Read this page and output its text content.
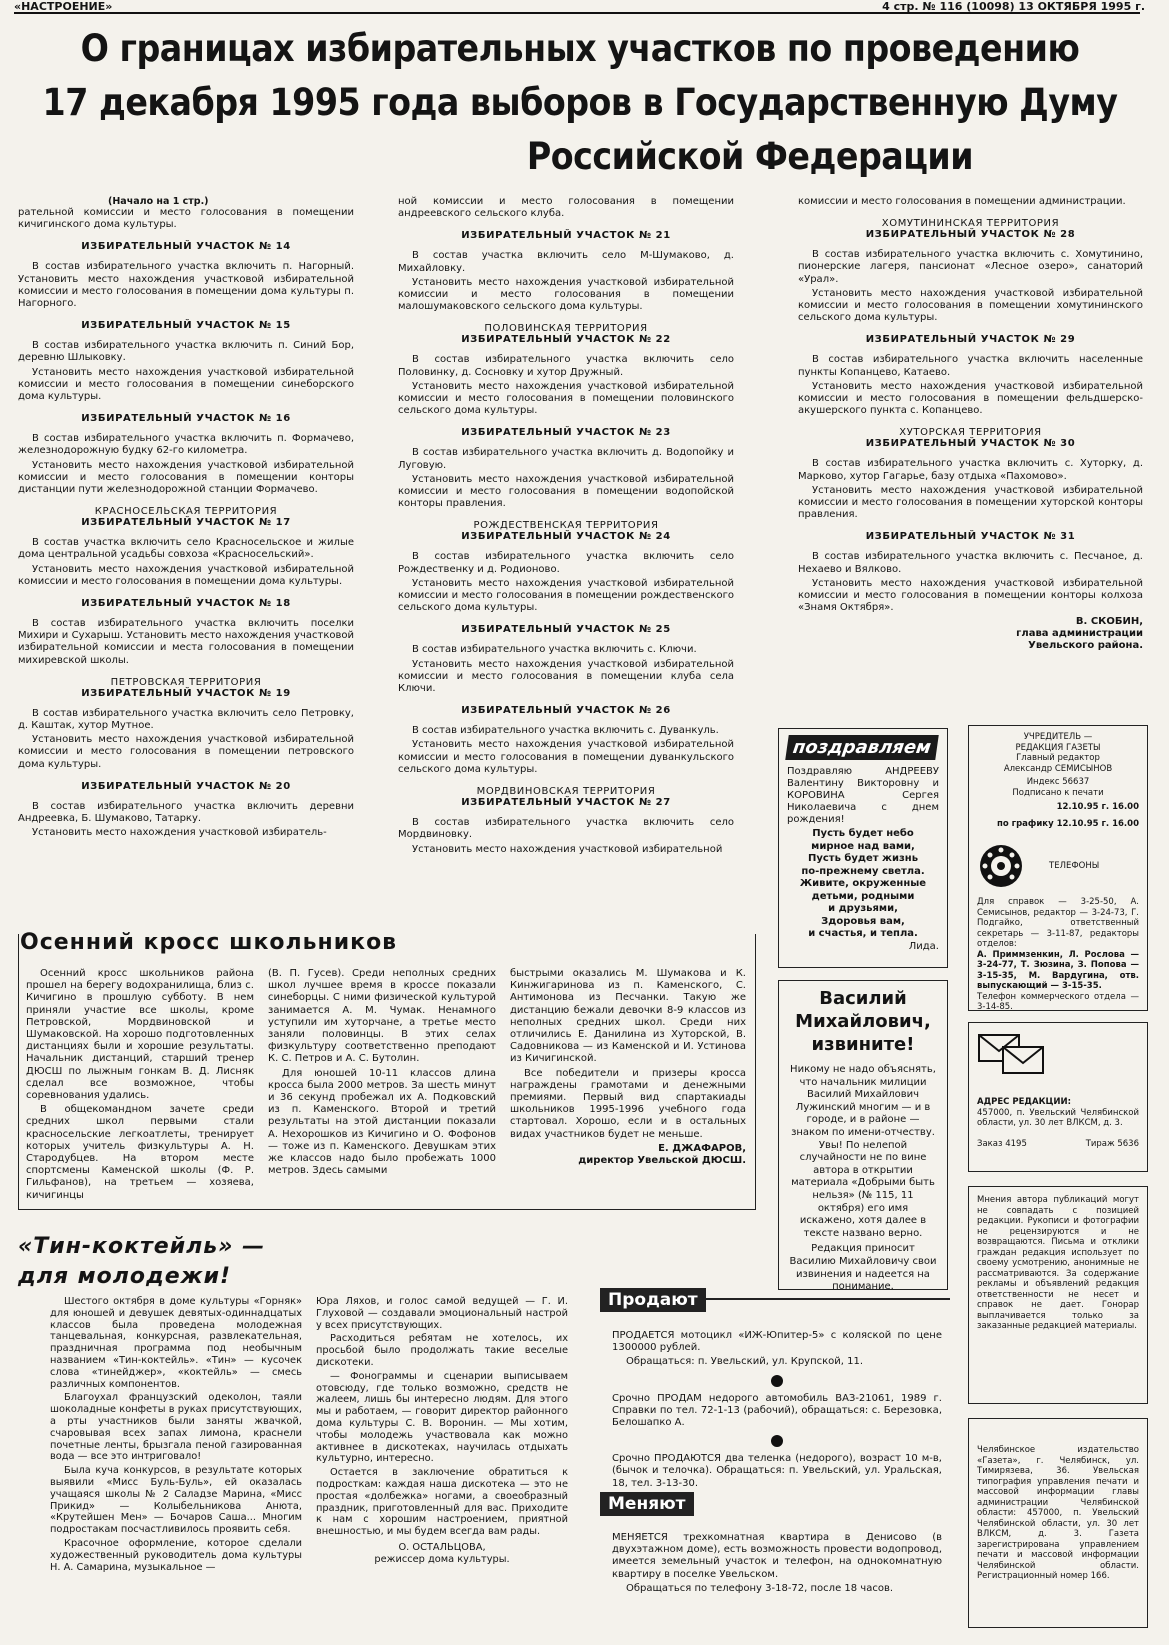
«НАСТРОЕНИЕ»	4 стр. № 116 (10098) 13 ОКТЯБРЯ 1995 г.
О границах избирательных участков по проведению
17 декабря 1995 года выборов в Государственную Думу
Российской Федерации
(Начало на 1 стр.)

рательной комиссии и место голосования в помещении кичигинского дома культуры.

ИЗБИРАТЕЛЬНЫЙ УЧАСТОК № 14

В состав избирательного участка включить п. Нагорный. Установить место нахождения участковой избирательной комиссии и место голосования в помещении дома культуры п. Нагорного.

ИЗБИРАТЕЛЬНЫЙ УЧАСТОК № 15

В состав избирательного участка включить п. Синий Бор, деревню Шлыковку.

Установить место нахождения участковой избирательной комиссии и место голосования в помещении синеборского дома культуры.

ИЗБИРАТЕЛЬНЫЙ УЧАСТОК № 16

В состав избирательного участка включить п. Формачево, железнодорожную будку 62-го километра.

Установить место нахождения участковой избирательной комиссии и место голосования в помещении конторы дистанции пути железнодорожной станции Формачево.

КРАСНОСЕЛЬСКАЯ ТЕРРИТОРИЯ
ИЗБИРАТЕЛЬНЫЙ УЧАСТОК № 17

В состав участка включить село Красносельское и жилые дома центральной усадьбы совхоза «Красносельский».

Установить место нахождения участковой избирательной комиссии и место голосования в помещении дома культуры.

ИЗБИРАТЕЛЬНЫЙ УЧАСТОК № 18

В состав избирательного участка включить поселки Михири и Сухарыш. Установить место нахождения участковой избирательной комиссии и места голосования в помещении михиревской школы.

ПЕТРОВСКАЯ ТЕРРИТОРИЯ
ИЗБИРАТЕЛЬНЫЙ УЧАСТОК № 19

В состав избирательного участка включить село Петровку, д. Каштак, хутор Мутное.

Установить место нахождения участковой избирательной комиссии и место голосования в помещении петровского дома культуры.

ИЗБИРАТЕЛЬНЫЙ УЧАСТОК № 20

В состав избирательного участка включить деревни Андреевка, Б. Шумаково, Татарку.

Установить место нахождения участковой избиратель-

ной комиссии и место голосования в помещении андреевского сельского клуба.

ИЗБИРАТЕЛЬНЫЙ УЧАСТОК № 21

В состав участка включить село М-Шумаково, д. Михайловку.

Установить место нахождения участковой избирательной комиссии и место голосования в помещении малошумаковского сельского дома культуры.

ПОЛОВИНСКАЯ ТЕРРИТОРИЯ
ИЗБИРАТЕЛЬНЫЙ УЧАСТОК № 22

В состав избирательного участка включить село Половинку, д. Сосновку и хутор Дружный.

Установить место нахождения участковой избирательной комиссии и место голосования в помещении половинского сельского дома культуры.

ИЗБИРАТЕЛЬНЫЙ УЧАСТОК № 23

В состав избирательного участка включить д. Водопойку и Луговую.

Установить место нахождения участковой избирательной комиссии и место голосования в помещении водопойской конторы правления.

РОЖДЕСТВЕНСКАЯ ТЕРРИТОРИЯ
ИЗБИРАТЕЛЬНЫЙ УЧАСТОК № 24

В состав избирательного участка включить село Рождественку и д. Родионово.

Установить место нахождения участковой избирательной комиссии и место голосования в помещении рождественского сельского дома культуры.

ИЗБИРАТЕЛЬНЫЙ УЧАСТОК № 25

В состав избирательного участка включить с. Ключи.

Установить место нахождения участковой избирательной комиссии и место голосования в помещении клуба села Ключи.

ИЗБИРАТЕЛЬНЫЙ УЧАСТОК № 26

В состав избирательного участка включить с. Дуванкуль.

Установить место нахождения участковой избирательной комиссии и место голосования в помещении дуванкульского сельского дома культуры.

МОРДВИНОВСКАЯ ТЕРРИТОРИЯ
ИЗБИРАТЕЛЬНЫЙ УЧАСТОК № 27

В состав избирательного участка включить село Мордвиновку.

Установить место нахождения участковой избирательной

комиссии и место голосования в помещении администрации.

ХОМУТИНИНСКАЯ ТЕРРИТОРИЯ
ИЗБИРАТЕЛЬНЫЙ УЧАСТОК № 28

В состав избирательного участка включить с. Хомутинино, пионерские лагеря, пансионат «Лесное озеро», санаторий «Урал».

Установить место нахождения участковой избирательной комиссии и место голосования в помещении хомутининского сельского дома культуры.

ИЗБИРАТЕЛЬНЫЙ УЧАСТОК № 29

В состав избирательного участка включить населенные пункты Копанцево, Катаево.

Установить место нахождения участковой избирательной комиссии и место голосования в помещении фельдшерско-акушерского пункта с. Копанцево.

ХУТОРСКАЯ ТЕРРИТОРИЯ
ИЗБИРАТЕЛЬНЫЙ УЧАСТОК № 30

В состав избирательного участка включить с. Хуторку, д. Марково, хутор Гагарье, базу отдыха «Пахомово».

Установить место нахождения участковой избирательной комиссии и место голосования в помещении хуторской конторы правления.

ИЗБИРАТЕЛЬНЫЙ УЧАСТОК № 31

В состав избирательного участка включить с. Песчаное, д. Нехаево и Вялково.

Установить место нахождения участковой избирательной комиссии и место голосования в помещении конторы колхоза «Знамя Октября».

В. СКОБИН,
глава администрации
Увельского района.
поздравляем
Поздравляю АНДРЕЕВУ Валентину Викторовну и КОРОВИНА Сергея Николаевича с днем рождения!
Пусть будет небо
мирное над вами,
Пусть будет жизнь
по-прежнему светла.
Живите, окруженные
детьми, родными
и друзьями,
Здоровья вам,
и счастья, и тепла.
Лида.
УЧРЕДИТЕЛЬ —
РЕДАКЦИЯ ГАЗЕТЫ
Главный редактор
Александр СЕМИСЫНОВ
Индекс 56637
Подписано к печати
12.10.95 г. 16.00
по графику 12.10.95 г. 16.00
ТЕЛЕФОНЫ
Для справок — 3-25-50, А. Семисынов, редактор — 3-24-73, Г. Подгайко, ответственный секретарь — 3-11-87, редакторы отделов:
А. Приммзенкин, Л. Рослова — 3-24-77, Т. Зюзина, З. Попова — 3-15-35, М. Вардугина, отв. выпускающий — 3-15-35.
Телефон коммерческого отдела — 3-14-85.
АДРЕС РЕДАКЦИИ:
457000, п. Увельский Челябинской области, ул. 30 лет ВЛКСМ, д. 3.
Заказ 4195	Тираж 5636
Мнения автора публикаций могут не совпадать с позицией редакции. Рукописи и фотографии не рецензируются и не возвращаются. Письма и отклики граждан редакция использует по своему усмотрению, анонимные не рассматриваются. За содержание рекламы и объявлений редакция ответственности не несет и справок не дает. Гонорар выплачивается только за заказанные редакцией материалы.
Челябинское издательство «Газета», г. Челябинск, ул. Тимирязева, 36. Увельская типография управления печати и массовой информации главы администрации Челябинской области: 457000, п. Увельский Челябинской области, ул. 30 лет ВЛКСМ, д. 3. Газета зарегистрирована управлением печати и массовой информации Челябинской области. Регистрационный номер 166.
Осенний кросс школьников

Осенний кросс школьников района прошел на берегу водохранилища, близ с. Кичигино в прошлую субботу. В нем приняли участие все школы, кроме Петровской, Мордвиновской и Шумаковской. На хорошо подготовленных дистанциях были и хорошие результаты. Начальник дистанций, старший тренер ДЮСШ по лыжным гонкам В. Д. Лисняк сделал все возможное, чтобы соревнования удались.

В общекомандном зачете среди средних школ первыми стали красносельские легкоатлеты, тренирует которых учитель физкультуры А. Н. Стародубцев. На втором месте спортсмены Каменской школы (Ф. Р. Гильфанов), на третьем — хозяева, кичигинцы

(В. П. Гусев). Среди неполных средних школ лучшее время в кроссе показали синеборцы. С ними физической культурой занимается А. М. Чумак. Ненамного уступили им хуторчане, а третье место заняли половинцы. В этих селах физкультуру соответственно преподают К. С. Петров и А. С. Бутолин.

Для юношей 10-11 классов длина кросса была 2000 метров. За шесть минут и 36 секунд пробежал их А. Подковский из п. Каменского. Второй и третий результаты на этой дистанции показали А. Нехорошков из Кичигино и О. Фофонов — тоже из п. Каменского. Девушкам этих же классов надо было пробежать 1000 метров. Здесь самыми

быстрыми оказались М. Шумакова и К. Кинжигаринова из п. Каменского, С. Антимонова из Песчанки. Такую же дистанцию бежали девочки 8-9 классов из неполных средних школ. Среди них отличились Е. Данилина из Хуторской, В. Садовникова — из Каменской и И. Устинова из Кичигинской.

Все победители и призеры кросса награждены грамотами и денежными премиями. Первый вид спартакиады школьников 1995-1996 учебного года стартовал. Хорошо, если и в остальных видах участников будет не меньше.

Е. ДЖАФАРОВ,
директор Увельской ДЮСШ.
Василий Михайлович, извините!
Никому не надо объяснять, что начальник милиции Василий Михайлович Лужинский многим — и в городе, и в районе — знаком по имени-отчеству. Увы! По нелепой случайности не по вине автора в открытии материала «Добрыми быть нельзя» (№ 115, 11 октября) его имя искажено, хотя далее в тексте названо верно.
Редакция приносит Василию Михайловичу свои извинения и надеется на понимание.
«Тин-коктейль» —
для молодежи!

Шестого октября в доме культуры «Горняк» для юношей и девушек девятых-одиннадцатых классов была проведена молодежная танцевальная, конкурсная, развлекательная, праздничная программа под необычным названием «Тин-коктейль». «Тин» — кусочек слова «тинейджер», «коктейль» — смесь различных компонентов.

Благоухал французский одеколон, таяли шоколадные конфеты в руках присутствующих, а рты участников были заняты жвачкой, счаровывая всех запах лимона, краснели почетные ленты, брызгала пеной газированная вода — все это интриговало!

Была куча конкурсов, в результате которых выявили «Мисс Буль-Буль», ей оказалась учащаяся школы № 2 Саладзе Марина, «Мисс Прикид» — Колыбельникова Анюта, «Крутейшен Мен» — Бочаров Саша... Многим подростакам посчастливилось проявить себя.

Красочное оформление, которое сделали художественный руководитель дома культуры Н. А. Самарина, музыкальное —

Юра Ляхов, и голос самой ведущей — Г. И. Глуховой — создавали эмоциональный настрой у всех присутствующих.

Расходиться ребятам не хотелось, их просьбой было продолжать такие веселые дискотеки.

— Фонограммы и сценарии выписываем отовсюду, где только возможно, средств не жалеем, лишь бы интересно людям. Для этого мы и работаем, — говорит директор районного дома культуры С. В. Воронин. — Мы хотим, чтобы молодежь участвовала как можно активнее в дискотеках, научилась отдыхать культурно, интересно.

Остается в заключение обратиться к подросткам: каждая наша дискотека — это не простая «долбежка» ногами, а своеобразный праздник, приготовленный для вас. Приходите к нам с хорошим настроением, приятной внешностью, и мы будем всегда вам рады.

О. ОСТАЛЬЦОВА,
режиссер дома культуры.
Продают

ПРОДАЕТСЯ мотоцикл «ИЖ-Юпитер-5» с коляской по цене 1300000 рублей.

Обращаться: п. Увельский, ул. Крупской, 11.

Срочно ПРОДАМ недорого автомобиль ВАЗ-21061, 1989 г. Справки по тел. 72-1-13 (рабочий), обращаться: с. Березовка, Белошапко А.

Срочно ПРОДАЮТСЯ два теленка (недорого), возраст 10 м-в, (бычок и телочка). Обращаться: п. Увельский, ул. Уральская, 18, тел. 3-13-30.

Меняют

МЕНЯЕТСЯ трехкомнатная квартира в Денисово (в двухэтажном доме), есть возможность провести водопровод, имеется земельный участок и телефон, на однокомнатную квартиру в поселке Увельском.

Обращаться по телефону 3-18-72, после 18 часов.
